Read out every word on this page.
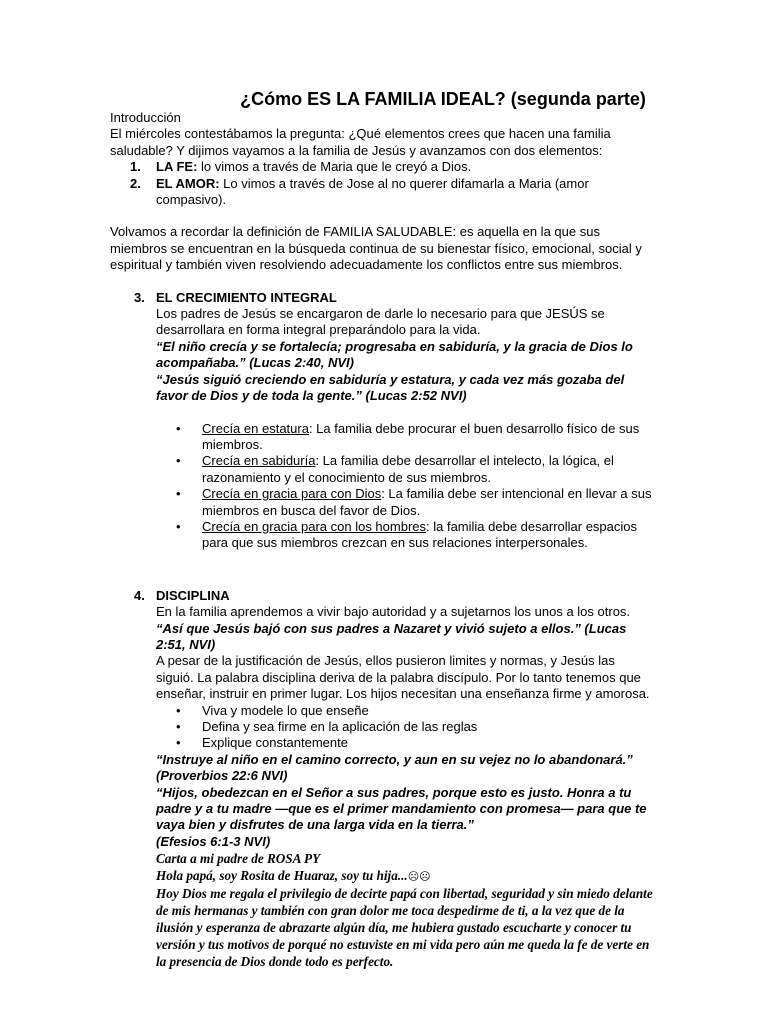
¿Cómo ES LA FAMILIA IDEAL? (segunda parte)

Introducción

El miércoles contestábamos la pregunta: ¿Qué elementos crees que hacen una familia saludable? Y dijimos vayamos a la familia de Jesús y avanzamos con dos elementos:

1. LA FE: lo vimos a través de Maria que le creyó a Dios.
2. EL AMOR: Lo vimos a través de Jose al no querer difamarla a Maria (amor compasivo).

Volvamos a recordar la definición de FAMILIA SALUDABLE: es aquella en la que sus miembros se encuentran en la búsqueda continua de su bienestar físico, emocional, social y espiritual y también viven resolviendo adecuadamente los conflictos entre sus miembros.

3. EL CRECIMIENTO INTEGRAL

Los padres de Jesús se encargaron de darle lo necesario para que JESÚS se desarrollara en forma integral preparándolo para la vida.

“El niño crecía y se fortalecía; progresaba en sabiduría, y la gracia de Dios lo acompañaba.” (Lucas 2:40, NVI)

“Jesús siguió creciendo en sabiduría y estatura, y cada vez más gozaba del favor de Dios y de toda la gente.” (Lucas 2:52 NVI)

• Crecía en estatura: La familia debe procurar el buen desarrollo físico de sus miembros.
• Crecía en sabiduría: La familia debe desarrollar el intelecto, la lógica, el razonamiento y el conocimiento de sus miembros.
• Crecía en gracia para con Dios: La familia debe ser intencional en llevar a sus miembros en busca del favor de Dios.
• Crecía en gracia para con los hombres: la familia debe desarrollar espacios para que sus miembros crezcan en sus relaciones interpersonales.
4. DISCIPLINA

En la familia aprendemos a vivir bajo autoridad y a sujetarnos los unos a los otros.

“Así que Jesús bajó con sus padres a Nazaret y vivió sujeto a ellos.” (Lucas 2:51, NVI)

A pesar de la justificación de Jesús, ellos pusieron limites y normas, y Jesús las siguió. La palabra disciplina deriva de la palabra discípulo. Por lo tanto tenemos que enseñar, instruir en primer lugar. Los hijos necesitan una enseñanza firme y amorosa.

• Viva y modele lo que enseñe
• Defina y sea firme en la aplicación de las reglas
• Explique constantemente

“Instruye al niño en el camino correcto, y aun en su vejez no lo abandonará.”

(Proverbios 22:6 NVI)

“Hijos, obedezcan en el Señor a sus padres, porque esto es justo. Honra a tu padre y a tu madre —que es el primer mandamiento con promesa— para que te vaya bien y disfrutes de una larga vida en la tierra.”

(Efesios 6:1-3 NVI)

Carta a mi padre de ROSA PY

Hola papá, soy Rosita de Huaraz, soy tu hija...☹☹

Hoy Dios me regala el privilegio de decirte papá con libertad, seguridad y sin miedo delante de mis hermanas y también con gran dolor me toca despedirme de ti, a la vez que de la ilusión y esperanza de abrazarte algún día, me hubiera gustado escucharte y conocer tu versión y tus motivos de porqué no estuviste en mi vida pero aún me queda la fe de verte en la presencia de Dios donde todo es perfecto.
